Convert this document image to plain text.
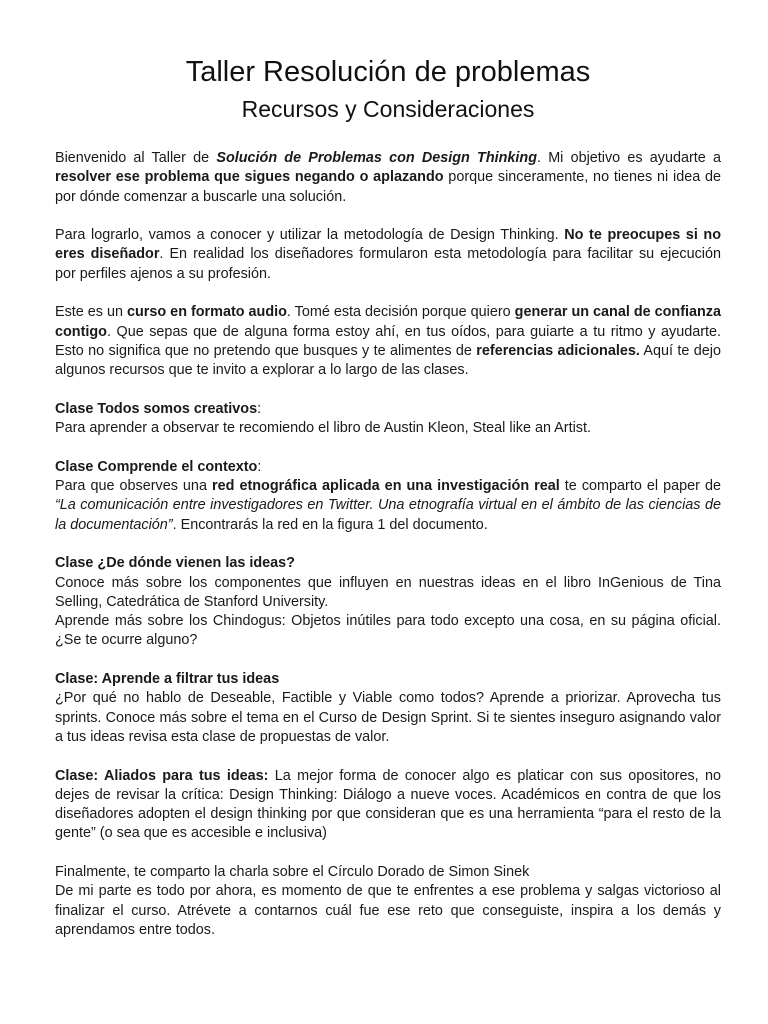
Taller Resolución de problemas
Recursos y Consideraciones

Bienvenido al Taller de Solución de Problemas con Design Thinking. Mi objetivo es ayudarte a resolver ese problema que sigues negando o aplazando porque sinceramente, no tienes ni idea de por dónde comenzar a buscarle una solución.

Para lograrlo, vamos a conocer y utilizar la metodología de Design Thinking. No te preocupes si no eres diseñador. En realidad los diseñadores formularon esta metodología para facilitar su ejecución por perfiles ajenos a su profesión.

Este es un curso en formato audio. Tomé esta decisión porque quiero generar un canal de confianza contigo. Que sepas que de alguna forma estoy ahí, en tus oídos, para guiarte a tu ritmo y ayudarte. Esto no significa que no pretendo que busques y te alimentes de referencias adicionales. Aquí te dejo algunos recursos que te invito a explorar a lo largo de las clases.

Clase Todos somos creativos:
Para aprender a observar te recomiendo el libro de Austin Kleon, Steal like an Artist.
Clase Comprende el contexto:
Para que observes una red etnográfica aplicada en una investigación real te comparto el paper de “La comunicación entre investigadores en Twitter. Una etnografía virtual en el ámbito de las ciencias de la documentación”. Encontrarás la red en la figura 1 del documento.
Clase ¿De dónde vienen las ideas?
Conoce más sobre los componentes que influyen en nuestras ideas en el libro InGenious de Tina Selling, Catedrática de Stanford University.
Aprende más sobre los Chindogus: Objetos inútiles para todo excepto una cosa, en su página oficial. ¿Se te ocurre alguno?
Clase: Aprende a filtrar tus ideas
¿Por qué no hablo de Deseable, Factible y Viable como todos? Aprende a priorizar. Aprovecha tus sprints. Conoce más sobre el tema en el Curso de Design Sprint. Si te sientes inseguro asignando valor a tus ideas revisa esta clase de propuestas de valor.
Clase: Aliados para tus ideas: La mejor forma de conocer algo es platicar con sus opositores, no dejes de revisar la crítica: Design Thinking: Diálogo a nueve voces. Académicos en contra de que los diseñadores adopten el design thinking por que consideran que es una herramienta “para el resto de la gente” (o sea que es accesible e inclusiva)
Finalmente, te comparto la charla sobre el Círculo Dorado de Simon Sinek
De mi parte es todo por ahora, es momento de que te enfrentes a ese problema y salgas victorioso al finalizar el curso. Atrévete a contarnos cuál fue ese reto que conseguiste, inspira a los demás y aprendamos entre todos.
